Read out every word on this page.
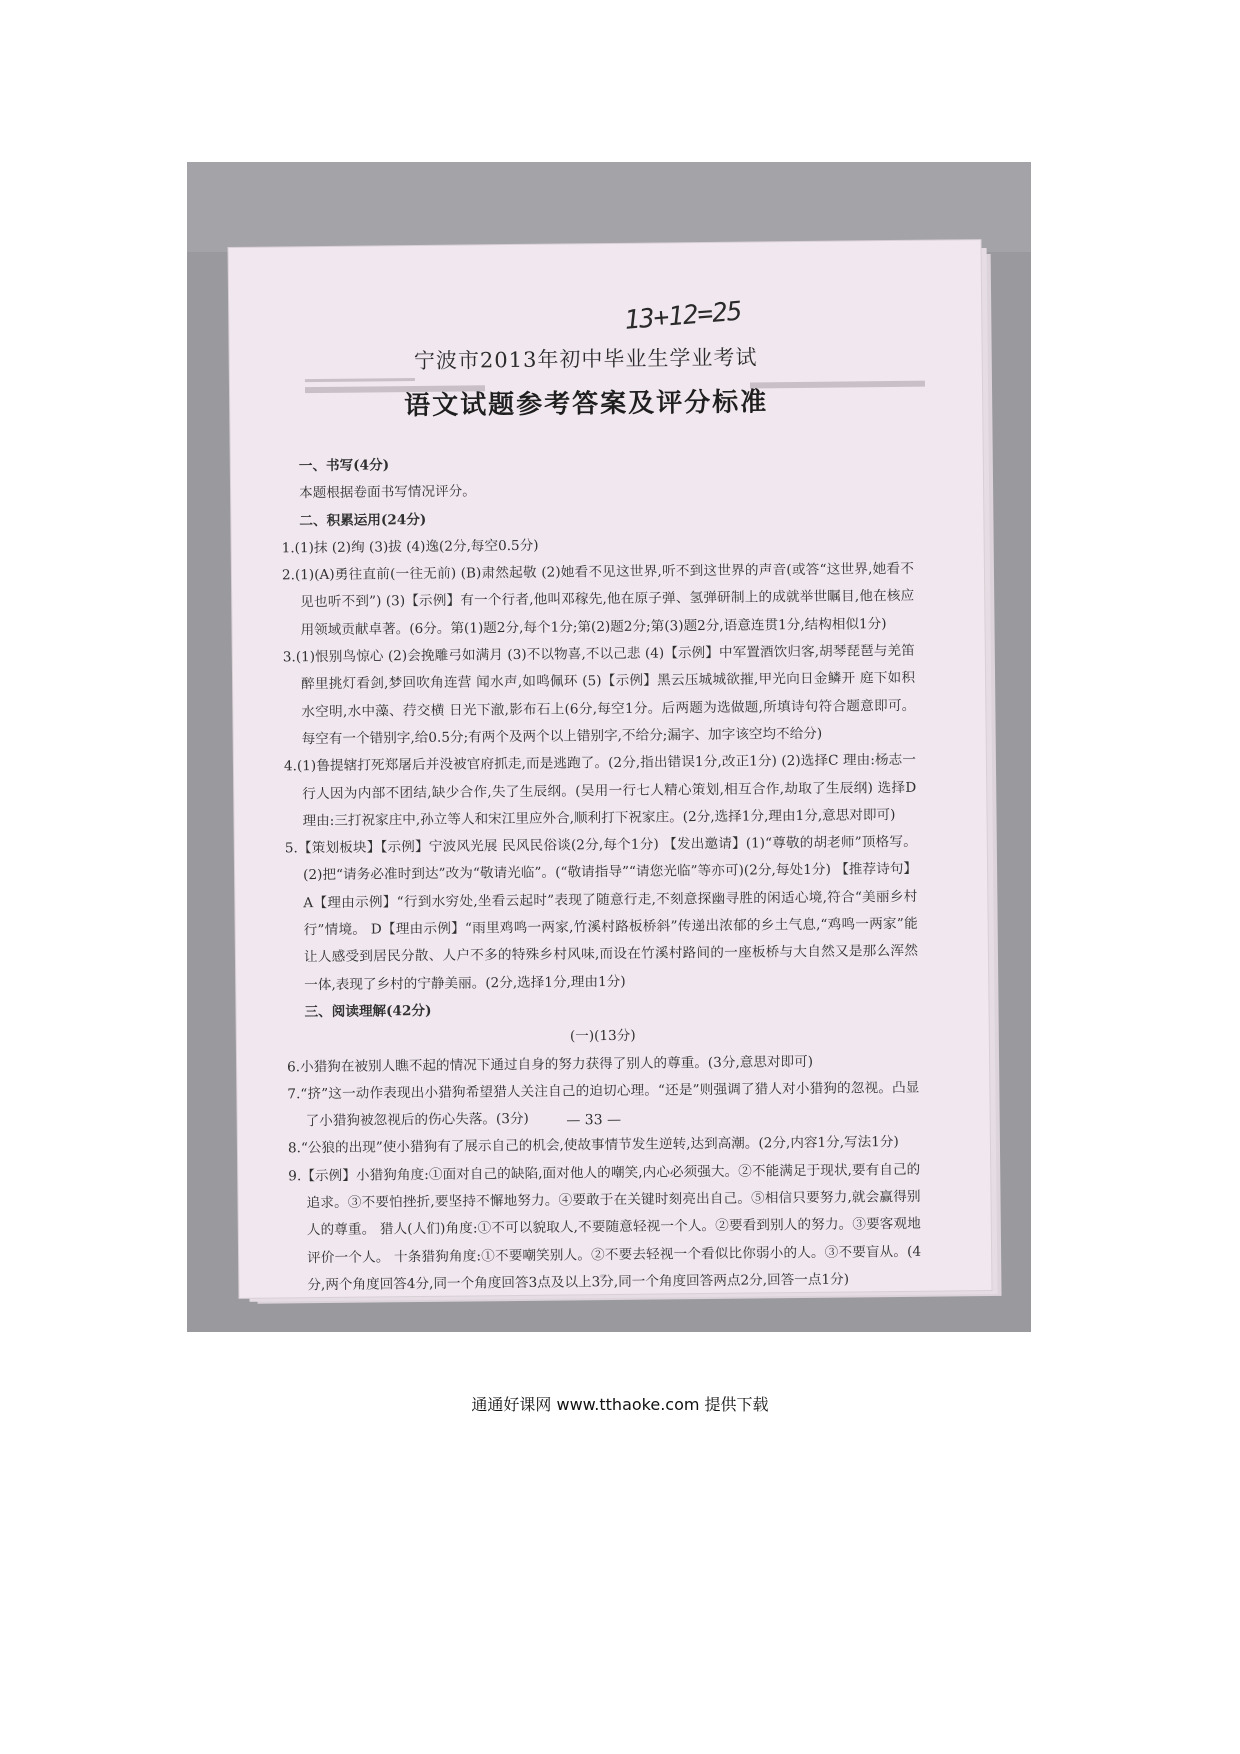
13+12=25
宁波市2013年初中毕业生学业考试
语文试题参考答案及评分标准
一、书写(4分)
本题根据卷面书写情况评分。
二、积累运用(24分)
1.(1)抹 (2)绚 (3)拔 (4)逸(2分,每空0.5分)
2.(1)(A)勇往直前(一往无前) (B)肃然起敬 (2)她看不见这世界,听不到这世界的声音(或答“这世界,她看不见也听不到”) (3)【示例】有一个行者,他叫邓稼先,他在原子弹、氢弹研制上的成就举世瞩目,他在核应用领域贡献卓著。(6分。第(1)题2分,每个1分;第(2)题2分;第(3)题2分,语意连贯1分,结构相似1分)
3.(1)恨别鸟惊心 (2)会挽雕弓如满月 (3)不以物喜,不以己悲 (4)【示例】中军置酒饮归客,胡琴琵琶与羌笛 醉里挑灯看剑,梦回吹角连营 闻水声,如鸣佩环 (5)【示例】黑云压城城欲摧,甲光向日金鳞开 庭下如积水空明,水中藻、荇交横 日光下澈,影布石上(6分,每空1分。后两题为选做题,所填诗句符合题意即可。每空有一个错别字,给0.5分;有两个及两个以上错别字,不给分;漏字、加字该空均不给分)
4.(1)鲁提辖打死郑屠后并没被官府抓走,而是逃跑了。(2分,指出错误1分,改正1分) (2)选择C 理由:杨志一行人因为内部不团结,缺少合作,失了生辰纲。(吴用一行七人精心策划,相互合作,劫取了生辰纲) 选择D 理由:三打祝家庄中,孙立等人和宋江里应外合,顺利打下祝家庄。(2分,选择1分,理由1分,意思对即可)
5.【策划板块】【示例】宁波风光展 民风民俗谈(2分,每个1分) 【发出邀请】(1)“尊敬的胡老师”顶格写。 (2)把“请务必准时到达”改为“敬请光临”。(“敬请指导”“请您光临”等亦可)(2分,每处1分) 【推荐诗句】A【理由示例】“行到水穷处,坐看云起时”表现了随意行走,不刻意探幽寻胜的闲适心境,符合“美丽乡村行”情境。 D【理由示例】“雨里鸡鸣一两家,竹溪村路板桥斜”传递出浓郁的乡土气息,“鸡鸣一两家”能让人感受到居民分散、人户不多的特殊乡村风味,而设在竹溪村路间的一座板桥与大自然又是那么浑然一体,表现了乡村的宁静美丽。(2分,选择1分,理由1分)
三、阅读理解(42分)
(一)(13分)
6.小猎狗在被别人瞧不起的情况下通过自身的努力获得了别人的尊重。(3分,意思对即可)
7.“挤”这一动作表现出小猎狗希望猎人关注自己的迫切心理。“还是”则强调了猎人对小猎狗的忽视。凸显了小猎狗被忽视后的伤心失落。(3分)
8.“公狼的出现”使小猎狗有了展示自己的机会,使故事情节发生逆转,达到高潮。(2分,内容1分,写法1分)
9.【示例】小猎狗角度:①面对自己的缺陷,面对他人的嘲笑,内心必须强大。②不能满足于现状,要有自己的追求。③不要怕挫折,要坚持不懈地努力。④要敢于在关键时刻亮出自己。⑤相信只要努力,就会赢得别人的尊重。 猎人(人们)角度:①不可以貌取人,不要随意轻视一个人。②要看到别人的努力。③要客观地评价一个人。 十条猎狗角度:①不要嘲笑别人。②不要去轻视一个看似比你弱小的人。③不要盲从。(4分,两个角度回答4分,同一个角度回答3点及以上3分,同一个角度回答两点2分,回答一点1分)
— 33 —
通通好课网 www.tthaoke.com 提供下载
